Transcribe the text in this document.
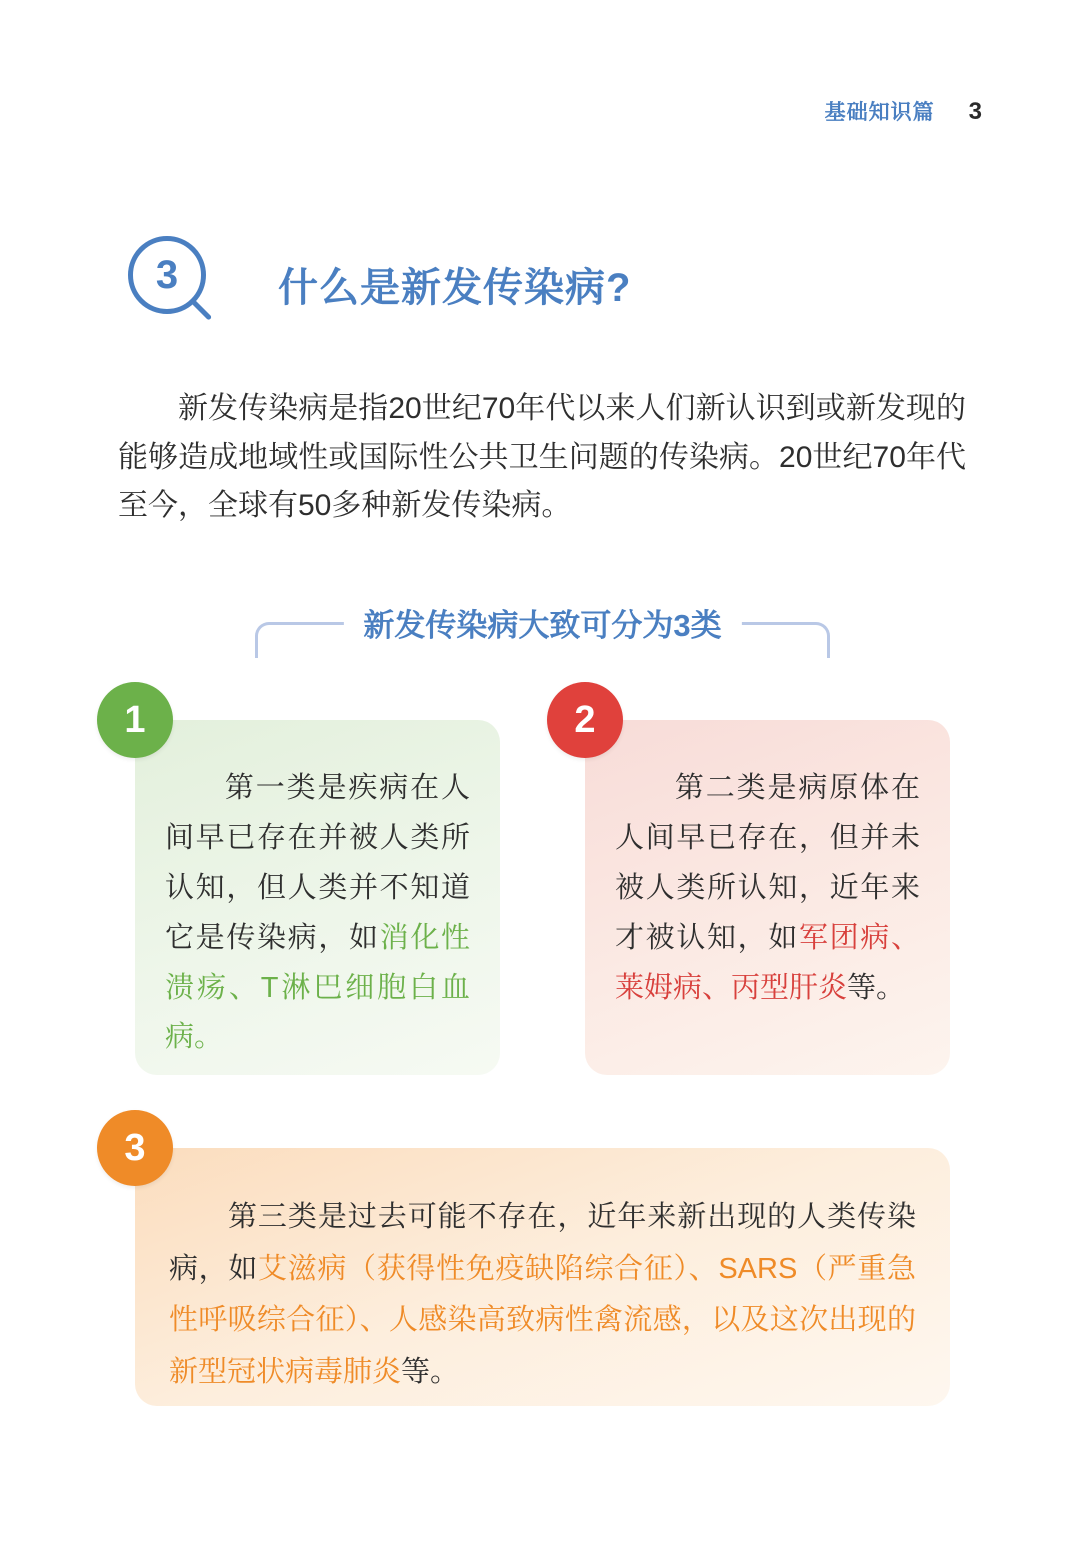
基础知识篇 3
3 什么是新发传染病?
新发传染病是指20世纪70年代以来人们新认识到或新发现的能够造成地域性或国际性公共卫生问题的传染病。20世纪70年代至今，全球有50多种新发传染病。
新发传染病大致可分为3类
1
第一类是疾病在人间早已存在并被人类所认知，但人类并不知道它是传染病，如消化性溃疡、T淋巴细胞白血病。
2
第二类是病原体在人间早已存在，但并未被人类所认知，近年来才被认知，如军团病、莱姆病、丙型肝炎等。
3
第三类是过去可能不存在，近年来新出现的人类传染病，如艾滋病（获得性免疫缺陷综合征）、SARS（严重急性呼吸综合征）、人感染高致病性禽流感，以及这次出现的新型冠状病毒肺炎等。
